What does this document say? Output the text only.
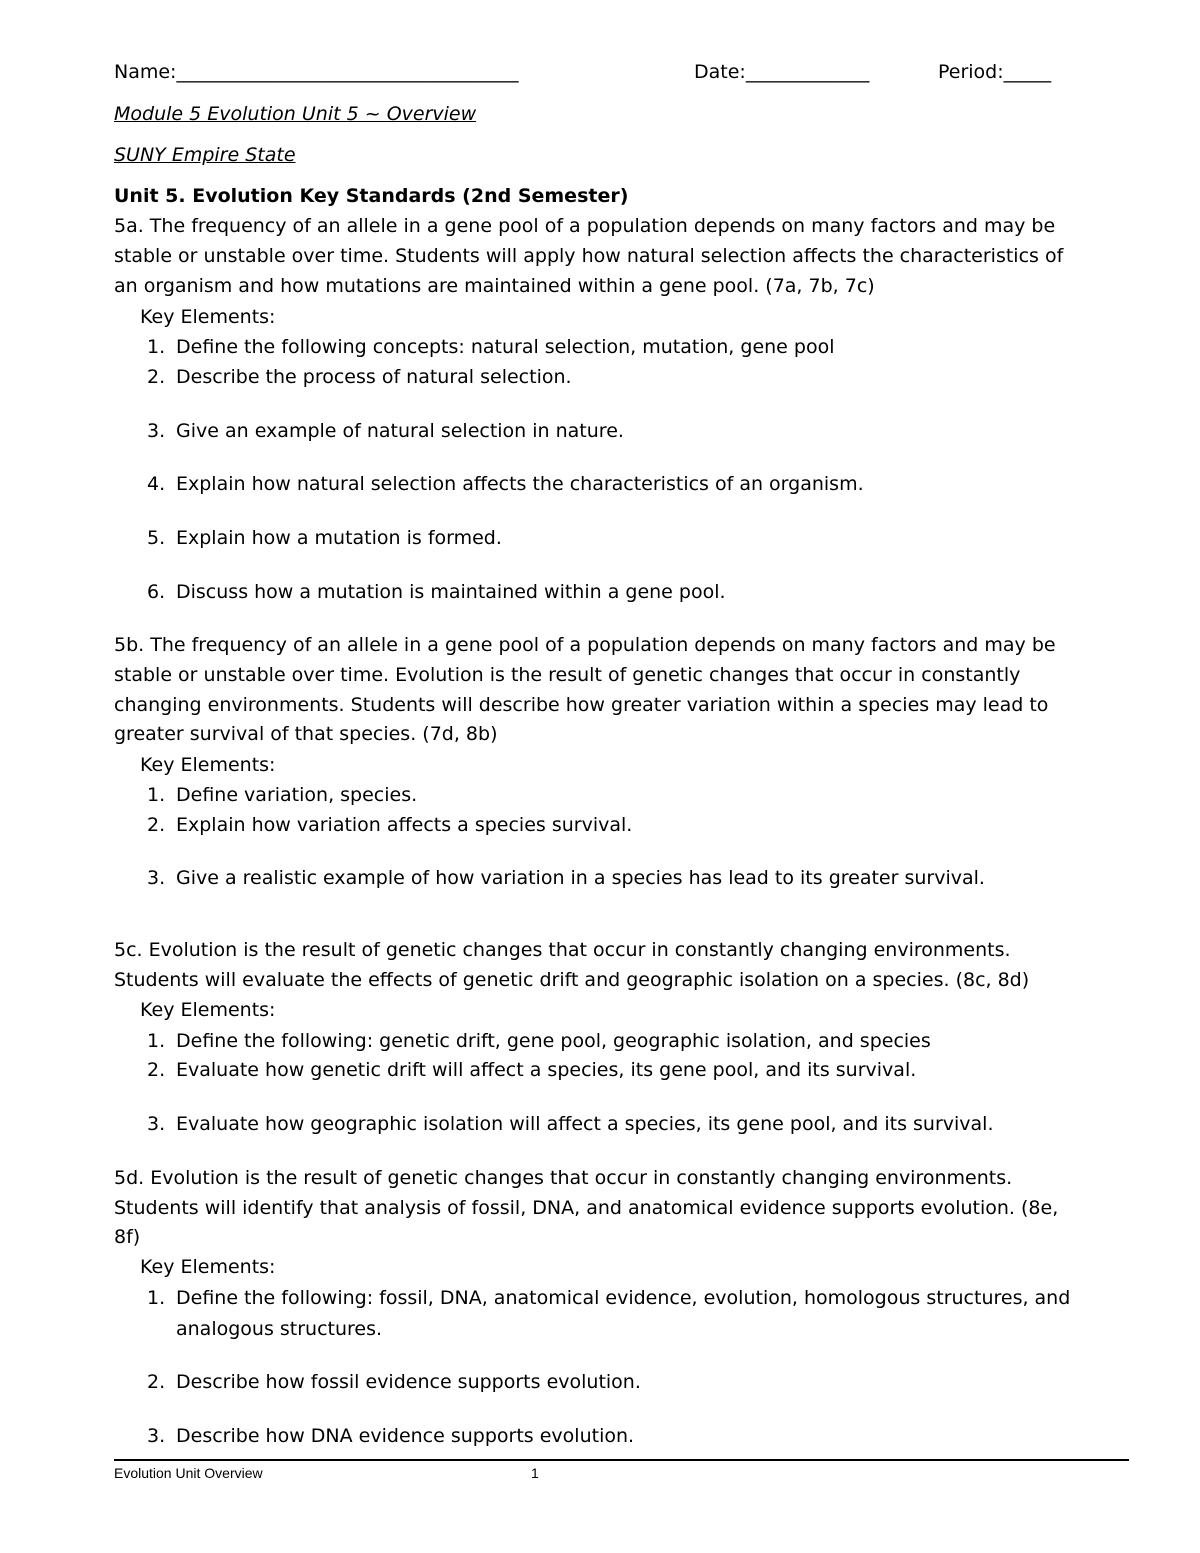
Name:____________________________________	Date:_____________	Period:_____
Module 5 Evolution Unit 5 ~ Overview
SUNY Empire State
Unit 5. Evolution Key Standards (2nd Semester)
5a. The frequency of an allele in a gene pool of a population depends on many factors and may be
stable or unstable over time. Students will apply how natural selection affects the characteristics of
an organism and how mutations are maintained within a gene pool. (7a, 7b, 7c)
Key Elements:
1. Define the following concepts: natural selection, mutation, gene pool
2. Describe the process of natural selection.
3. Give an example of natural selection in nature.
4. Explain how natural selection affects the characteristics of an organism.
5. Explain how a mutation is formed.
6. Discuss how a mutation is maintained within a gene pool.
5b. The frequency of an allele in a gene pool of a population depends on many factors and may be
stable or unstable over time. Evolution is the result of genetic changes that occur in constantly
changing environments. Students will describe how greater variation within a species may lead to
greater survival of that species. (7d, 8b)
Key Elements:
1. Define variation, species.
2. Explain how variation affects a species survival.
3. Give a realistic example of how variation in a species has lead to its greater survival.
5c. Evolution is the result of genetic changes that occur in constantly changing environments.
Students will evaluate the effects of genetic drift and geographic isolation on a species. (8c, 8d)
Key Elements:
1. Define the following: genetic drift, gene pool, geographic isolation, and species
2. Evaluate how genetic drift will affect a species, its gene pool, and its survival.
3. Evaluate how geographic isolation will affect a species, its gene pool, and its survival.
5d. Evolution is the result of genetic changes that occur in constantly changing environments.
Students will identify that analysis of fossil, DNA, and anatomical evidence supports evolution. (8e,
8f)
Key Elements:
1. Define the following: fossil, DNA, anatomical evidence, evolution, homologous structures, and
analogous structures.
2. Describe how fossil evidence supports evolution.
3. Describe how DNA evidence supports evolution.
Evolution Unit Overview	1
